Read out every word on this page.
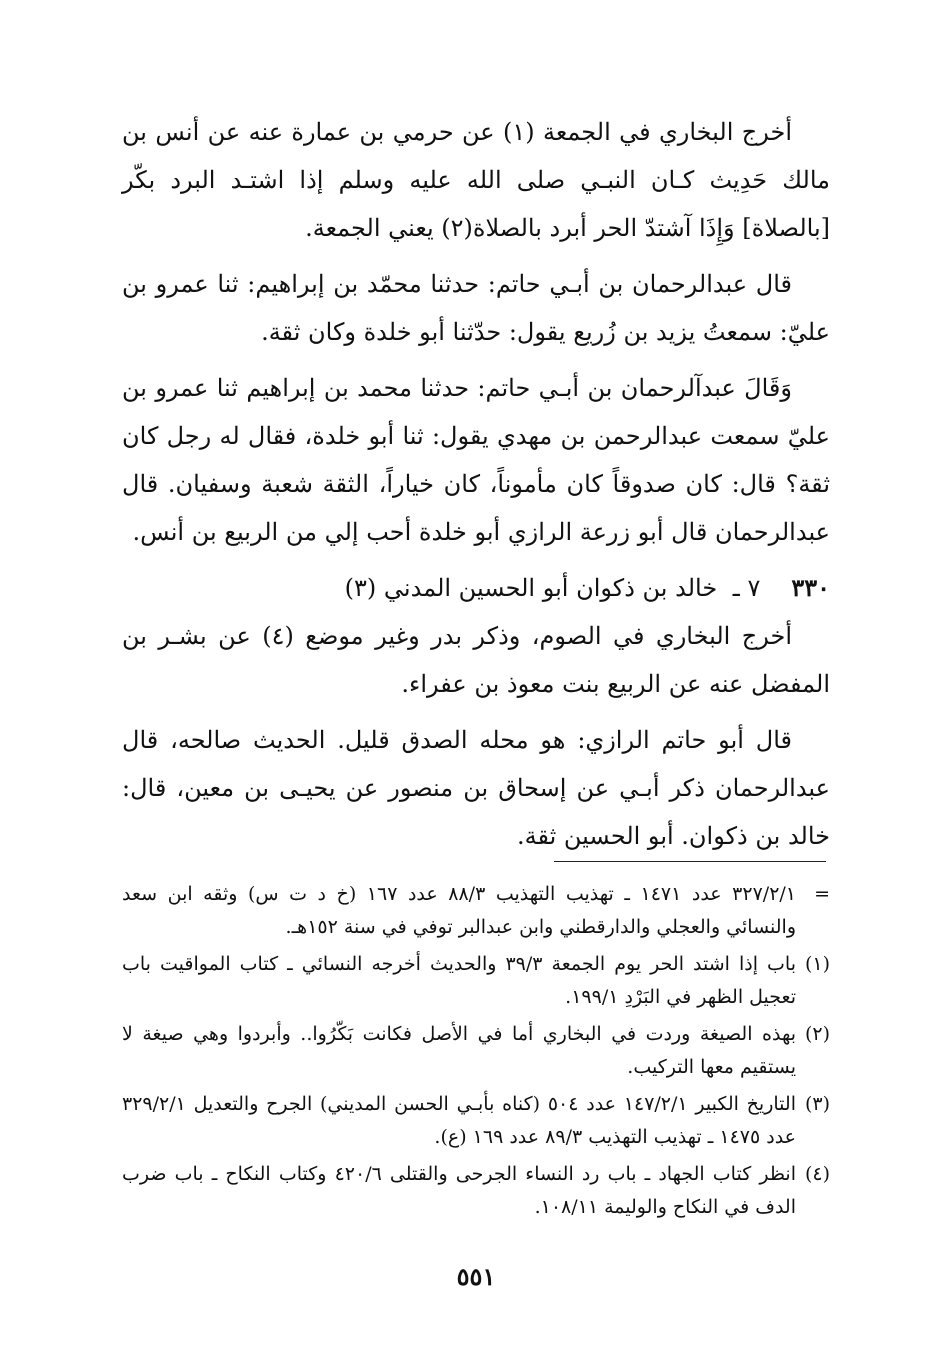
أخرج البخاري في الجمعة (١) عن حرمي بن عمارة عنه عن أنس بن مالك حَدِيث كـان النبـي صلى الله عليه وسلم إذا اشتـد البرد بكّر [بالصلاة] وَإِذَا آشتدّ الحر أبرد بالصلاة(٢) يعني الجمعة.

قال عبدالرحمان بن أبـي حاتم: حدثنا محمّد بن إبراهيم: ثنا عمرو بن عليّ: سمعتُ يزيد بن زُريع يقول: حدّثنا أبو خلدة وكان ثقة.

وَقَالَ عبدآلرحمان بن أبـي حاتم: حدثنا محمد بن إبراهيم ثنا عمرو بن عليّ سمعت عبدالرحمن بن مهدي يقول: ثنا أبو خلدة، فقال له رجل كان ثقة؟ قال: كان صدوقاً كان مأموناً، كان خياراً، الثقة شعبة وسفيان. قال عبدالرحمان قال أبو زرعة الرازي أبو خلدة أحب إلي من الربيع بن أنس.

٣٣٠ ٧ ـ خالد بن ذكوان أبو الحسين المدني (٣)

أخرج البخاري في الصوم، وذكر بدر وغير موضع (٤) عن بشـر بن المفضل عنه عن الربيع بنت معوذ بن عفراء.

قال أبو حاتم الرازي: هو محله الصدق قليل. الحديث صالحه، قال عبدالرحمان ذكر أبـي عن إسحاق بن منصور عن يحيـى بن معين، قال: خالد بن ذكوان. أبو الحسين ثقة.

=
٣٢٧/٢/١ عدد ١٤٧١ ـ تهذيب التهذيب ٨٨/٣ عدد ١٦٧ (خ د ت س) وثقه ابن سعد والنسائي والعجلي والدارقطني وابن عبدالبر توفي في سنة ١٥٢هـ.
(١)
باب إذا اشتد الحر يوم الجمعة ٣٩/٣ والحديث أخرجه النسائي ـ كتاب المواقيت باب تعجيل الظهر في البَرْدِ ١٩٩/١.
(٢)
بهذه الصيغة وردت في البخاري أما في الأصل فكانت بَكّرُوا.. وأبردوا وهي صيغة لا يستقيم معها التركيب.
(٣)
التاريخ الكبير ١٤٧/٢/١ عدد ٥٠٤ (كناه بأبـي الحسن المديني) الجرح والتعديل ٣٢٩/٢/١ عدد ١٤٧٥ ـ تهذيب التهذيب ٨٩/٣ عدد ١٦٩ (ع).
(٤)
انظر كتاب الجهاد ـ باب رد النساء الجرحى والقتلى ٤٢٠/٦ وكتاب النكاح ـ باب ضرب الدف في النكاح والوليمة ١٠٨/١١.
٥٥١
